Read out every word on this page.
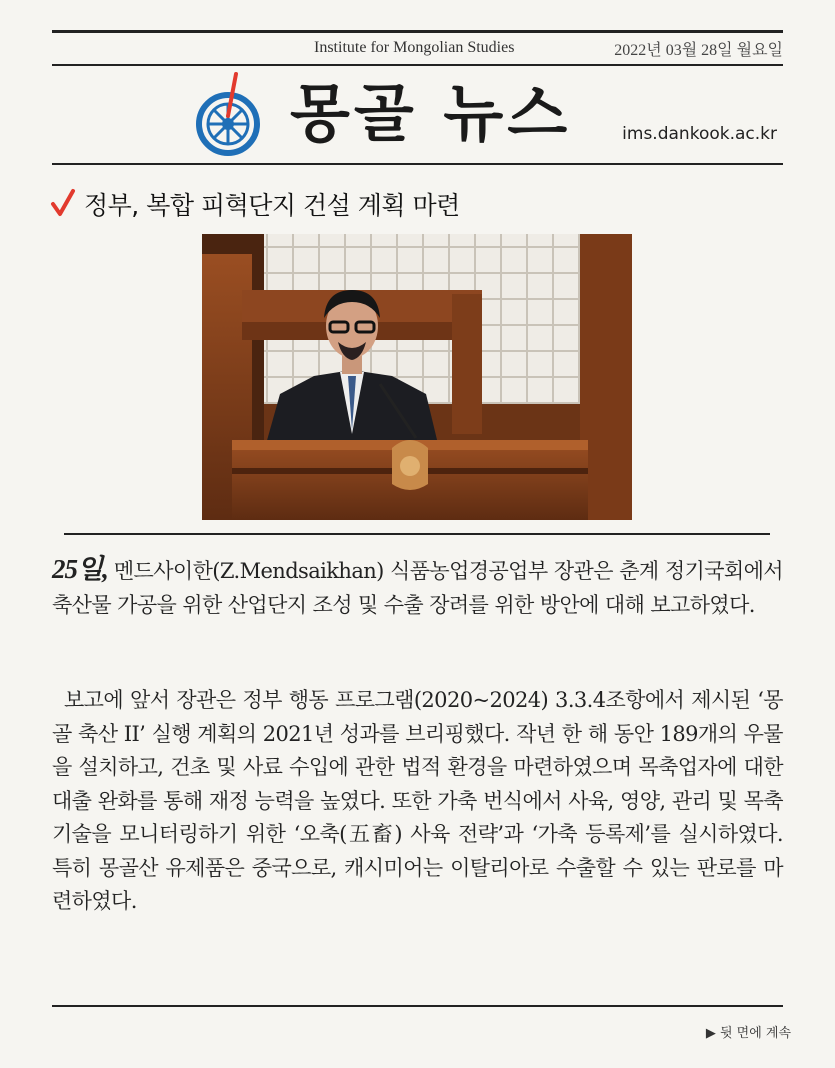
Institute for Mongolian Studies	2022년 03월 28일 월요일
몽골 뉴스	ims.dankook.ac.kr
정부, 복합 피혁단지 건설 계획 마련

25일, 멘드사이한(Z.Mendsaikhan) 식품농업경공업부 장관은 춘계 정기국회에서 축산물 가공을 위한 산업단지 조성 및 수출 장려를 위한 방안에 대해 보고하였다.

보고에 앞서 장관은 정부 행동 프로그램(2020~2024) 3.3.4조항에서 제시된 ‘몽골 축산 II’ 실행 계획의 2021년 성과를 브리핑했다. 작년 한 해 동안 189개의 우물을 설치하고, 건초 및 사료 수입에 관한 법적 환경을 마련하였으며 목축업자에 대한 대출 완화를 통해 재정 능력을 높였다. 또한 가축 번식에서 사육, 영양, 관리 및 목축 기술을 모니터링하기 위한 ‘오축(五畜) 사육 전략’과 ‘가축 등록제’를 실시하였다. 특히 몽골산 유제품은 중국으로, 캐시미어는 이탈리아로 수출할 수 있는 판로를 마련하였다.

▶ 뒷 면에 계속
